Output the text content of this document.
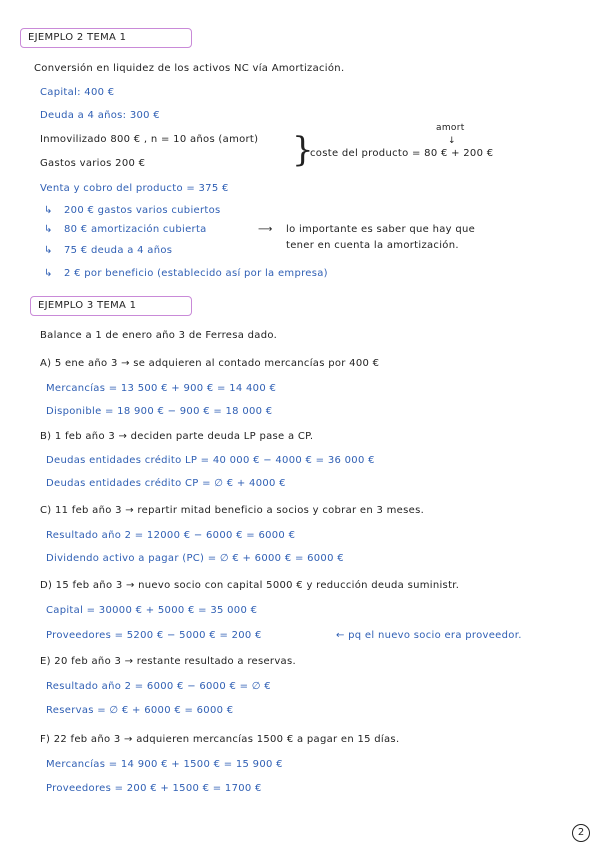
EJEMPLO 2 TEMA 1
Conversión en liquidez de los activos NC vía Amortización.
Capital: 400 €
Deuda a 4 años: 300 €
Inmovilizado 800 € , n = 10 años (amort)
Gastos varios 200 €	}
amort
↓
coste del producto = 80 € + 200 €
Venta y cobro del producto = 375 €
↳ 200 € gastos varios cubiertos
↳ 80 € amortización cubierta	⟶ lo importante es saber que hay que
tener en cuenta la amortización.
↳ 75 € deuda a 4 años
↳ 2 € por beneficio (establecido así por la empresa)
EJEMPLO 3 TEMA 1
Balance a 1 de enero año 3 de Ferresa dado.
A) 5 ene año 3 → se adquieren al contado mercancías por 400 €
Mercancías = 13 500 € + 900 € = 14 400 €
Disponible = 18 900 € − 900 € = 18 000 €
B) 1 feb año 3 → deciden parte deuda LP pase a CP.
Deudas entidades crédito LP = 40 000 € − 4000 € = 36 000 €
Deudas entidades crédito CP = ∅ € + 4000 €
C) 11 feb año 3 → repartir mitad beneficio a socios y cobrar en 3 meses.
Resultado año 2 = 12000 € − 6000 € = 6000 €
Dividendo activo a pagar (PC) = ∅ € + 6000 € = 6000 €
D) 15 feb año 3 → nuevo socio con capital 5000 € y reducción deuda suministr.
Capital = 30000 € + 5000 € = 35 000 €
Proveedores = 5200 € − 5000 € = 200 €	← pq el nuevo socio era proveedor.
E) 20 feb año 3 → restante resultado a reservas.
Resultado año 2 = 6000 € − 6000 € = ∅ €
Reservas = ∅ € + 6000 € = 6000 €
F) 22 feb año 3 → adquieren mercancías 1500 € a pagar en 15 días.
Mercancías = 14 900 € + 1500 € = 15 900 €
Proveedores = 200 € + 1500 € = 1700 €
2
